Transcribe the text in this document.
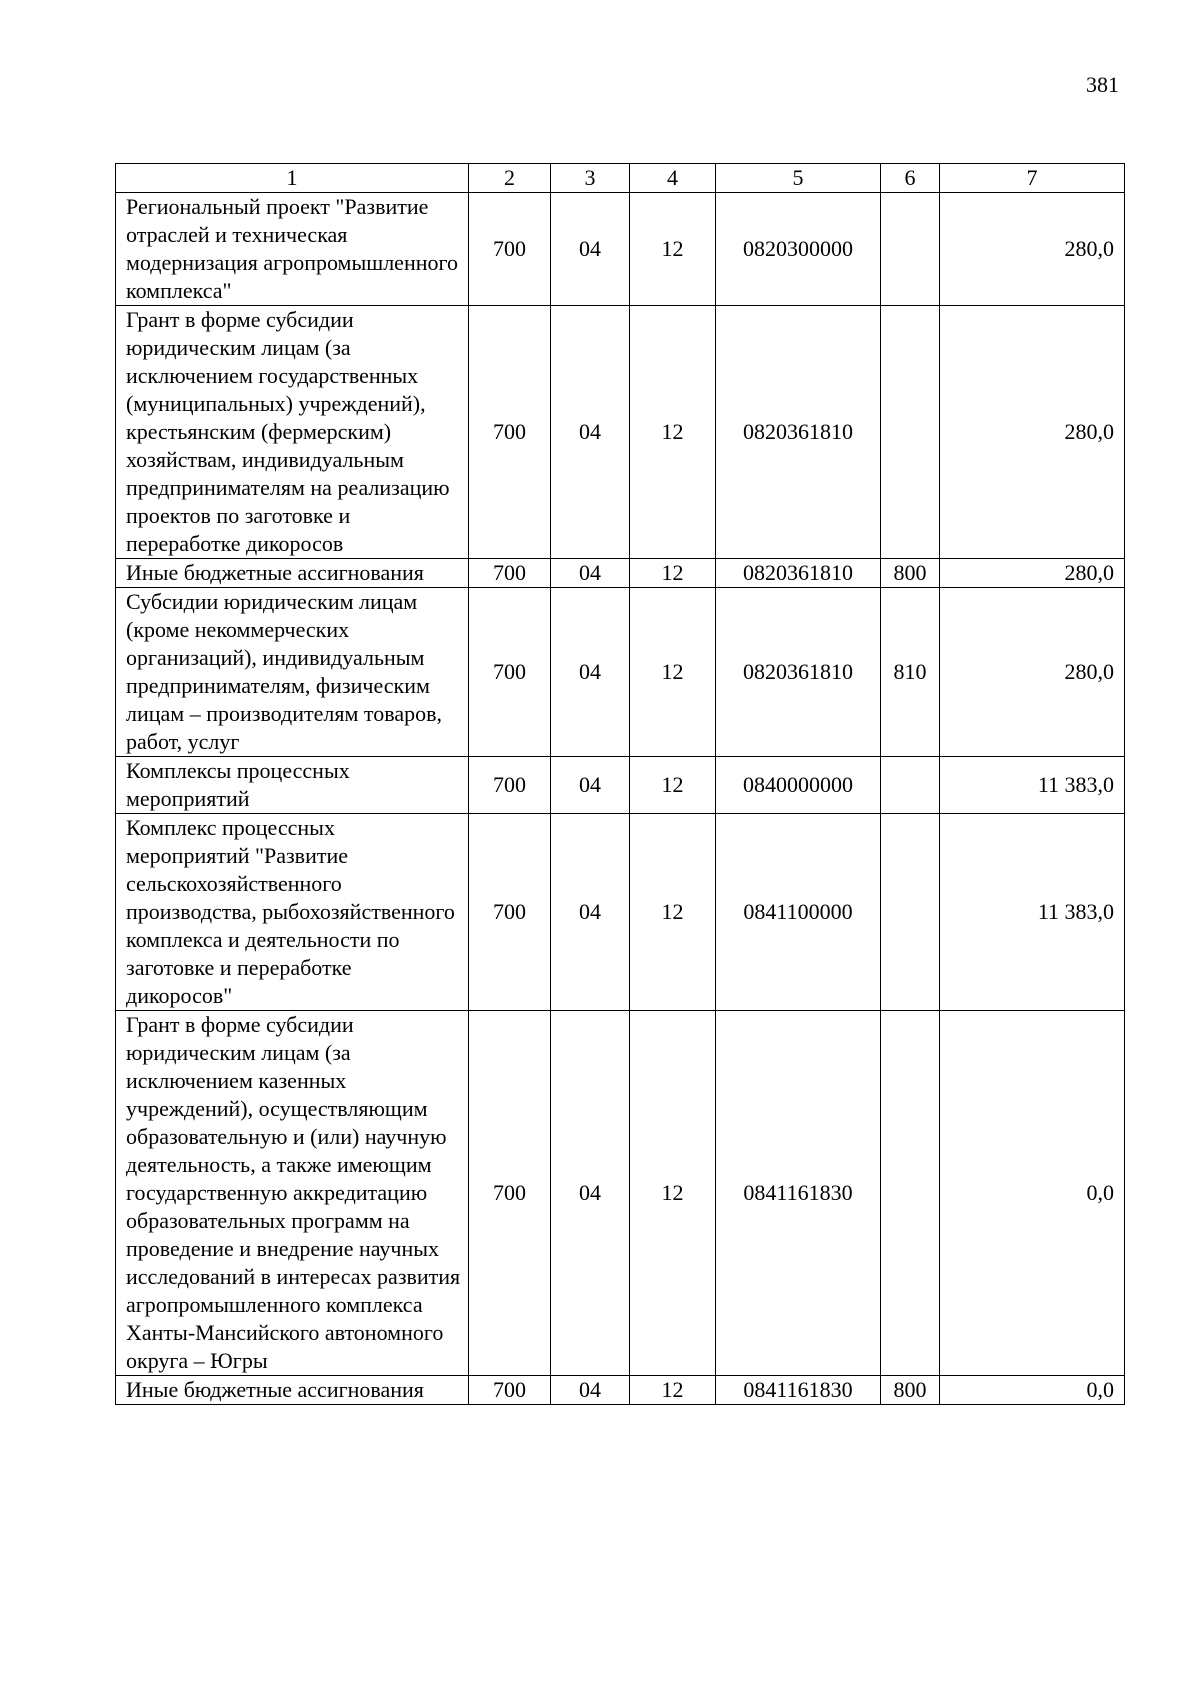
381
1	2	3	4	5	6	7
Региональный проект "Развитие отраслей и техническая модернизация агропромышленного комплекса"	700	04	12	0820300000		280,0
Грант в форме субсидии юридическим лицам (за исключением государственных (муниципальных) учреждений), крестьянским (фермерским) хозяйствам, индивидуальным предпринимателям на реализацию проектов по заготовке и переработке дикоросов	700	04	12	0820361810		280,0
Иные бюджетные ассигнования	700	04	12	0820361810	800	280,0
Субсидии юридическим лицам (кроме некоммерческих организаций), индивидуальным предпринимателям, физическим лицам – производителям товаров, работ, услуг	700	04	12	0820361810	810	280,0
Комплексы процессных мероприятий	700	04	12	0840000000		11 383,0
Комплекс процессных мероприятий "Развитие сельскохозяйственного производства, рыбохозяйственного комплекса и деятельности по заготовке и переработке дикоросов"	700	04	12	0841100000		11 383,0
Грант в форме субсидии юридическим лицам (за исключением казенных учреждений), осуществляющим образовательную и (или) научную деятельность, а также имеющим государственную аккредитацию образовательных программ на проведение и внедрение научных исследований в интересах развития агропромышленного комплекса Ханты-Мансийского автономного округа – Югры	700	04	12	0841161830		0,0
Иные бюджетные ассигнования	700	04	12	0841161830	800	0,0
